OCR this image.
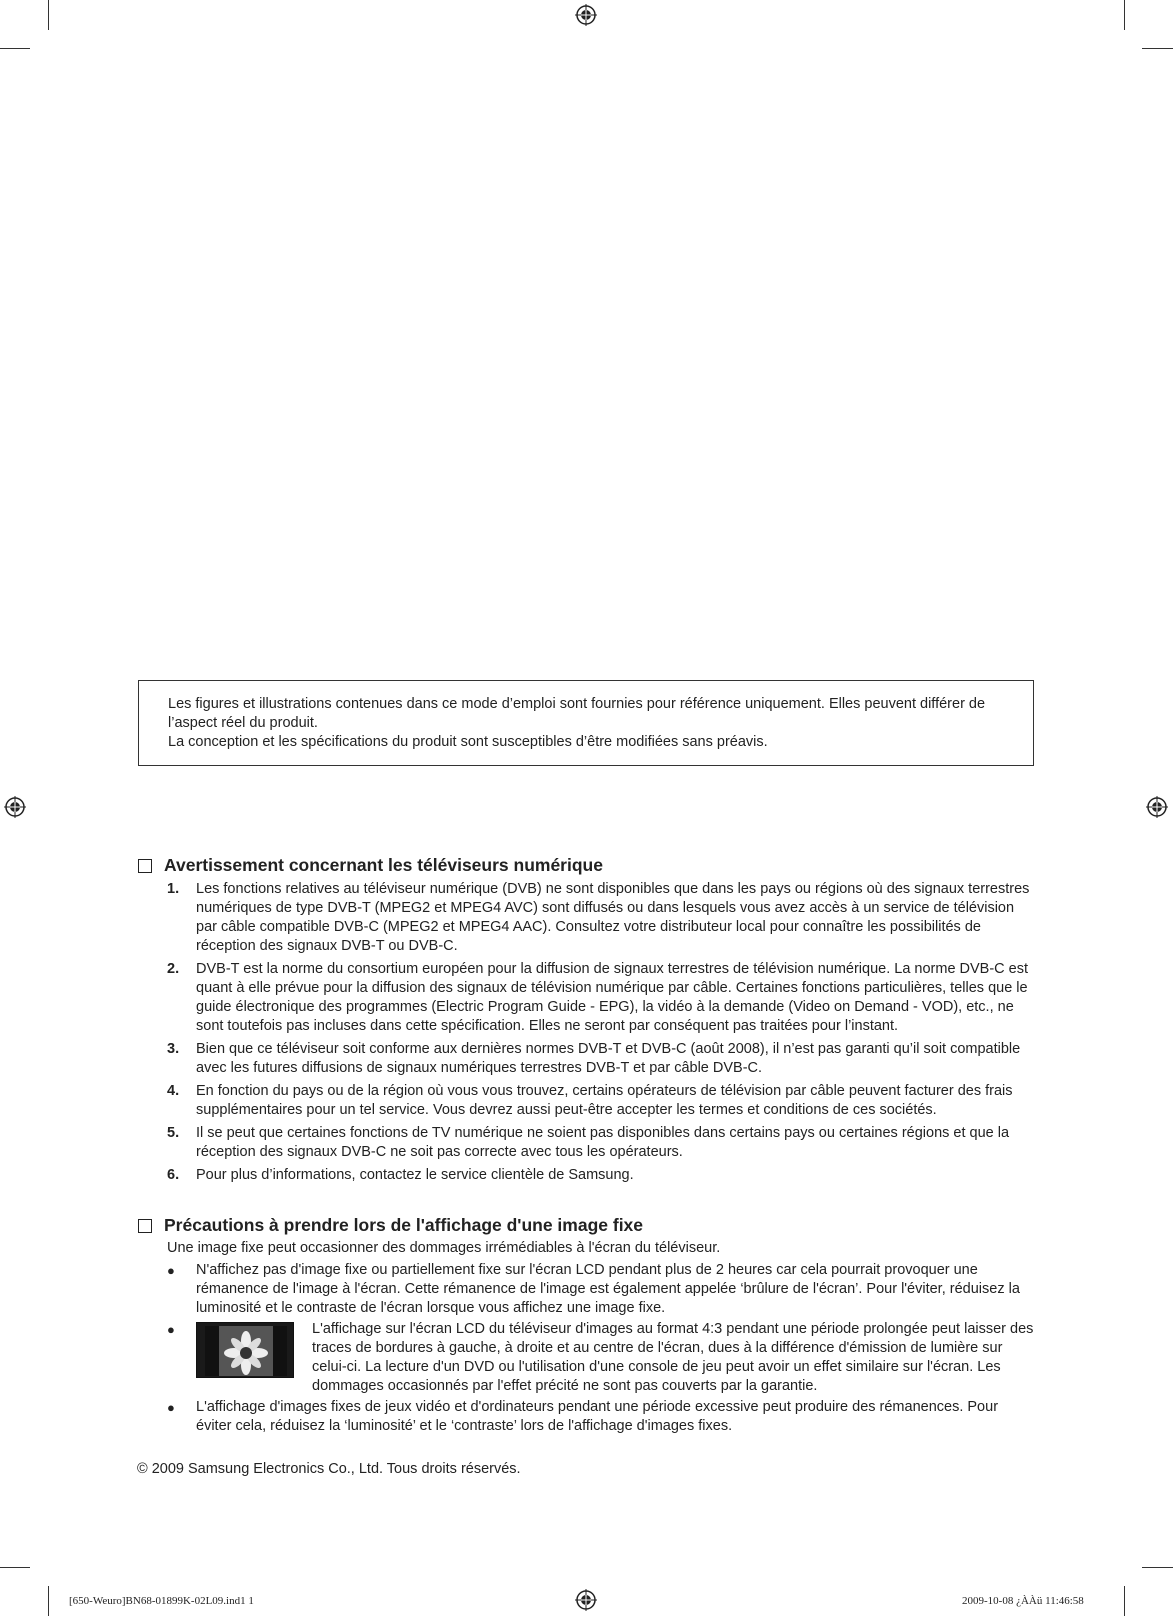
Les figures et illustrations contenues dans ce mode d’emploi sont fournies pour référence uniquement. Elles peuvent différer de l’aspect réel du produit.

La conception et les spécifications du produit sont susceptibles d’être modifiées sans préavis.

Avertissement concernant les téléviseurs numérique
1.	Les fonctions relatives au téléviseur numérique (DVB) ne sont disponibles que dans les pays ou régions où des signaux terrestres numériques de type DVB-T (MPEG2 et MPEG4 AVC) sont diffusés ou dans lesquels vous avez accès à un service de télévision par câble compatible DVB-C (MPEG2 et MPEG4 AAC). Consultez votre distributeur local pour connaître les possibilités de réception des signaux DVB-T ou DVB-C.
2.	DVB-T est la norme du consortium européen pour la diffusion de signaux terrestres de télévision numérique. La norme DVB-C est quant à elle prévue pour la diffusion des signaux de télévision numérique par câble. Certaines fonctions particulières, telles que le guide électronique des programmes (Electric Program Guide - EPG), la vidéo à la demande (Video on Demand - VOD), etc., ne sont toutefois pas incluses dans cette spécification. Elles ne seront par conséquent pas traitées pour l’instant.
3.	Bien que ce téléviseur soit conforme aux dernières normes DVB-T et DVB-C (août 2008), il n’est pas garanti qu’il soit compatible avec les futures diffusions de signaux numériques terrestres DVB-T et par câble DVB-C.
4.	En fonction du pays ou de la région où vous vous trouvez, certains opérateurs de télévision par câble peuvent facturer des frais supplémentaires pour un tel service. Vous devrez aussi peut-être accepter les termes et conditions de ces sociétés.
5.	Il se peut que certaines fonctions de TV numérique ne soient pas disponibles dans certains pays ou certaines régions et que la réception des signaux DVB-C ne soit pas correcte avec tous les opérateurs.
6.	Pour plus d’informations, contactez le service clientèle de Samsung.
Précautions à prendre lors de l'affichage d'une image fixe
Une image fixe peut occasionner des dommages irrémédiables à l'écran du téléviseur.
●	N'affichez pas d'image fixe ou partiellement fixe sur l'écran LCD pendant plus de 2 heures car cela pourrait provoquer une rémanence de l'image à l'écran. Cette rémanence de l'image est également appelée ‘brûlure de l'écran’. Pour l'éviter, réduisez la luminosité et le contraste de l'écran lorsque vous affichez une image fixe.
●	L'affichage sur l'écran LCD du téléviseur d'images au format 4:3 pendant une période prolongée peut laisser des traces de bordures à gauche, à droite et au centre de l'écran, dues à la différence d'émission de lumière sur celui-ci. La lecture d'un DVD ou l'utilisation d'une console de jeu peut avoir un effet similaire sur l'écran. Les dommages occasionnés par l'effet précité ne sont pas couverts par la garantie.
●	L'affichage d'images fixes de jeux vidéo et d'ordinateurs pendant une période excessive peut produire des rémanences. Pour éviter cela, réduisez la ‘luminosité’ et le ‘contraste’ lors de l'affichage d'images fixes.
© 2009 Samsung Electronics Co., Ltd. Tous droits réservés.
[650-Weuro]BN68-01899K-02L09.ind1 1	2009-10-08 ¿ÀÀü 11:46:58
